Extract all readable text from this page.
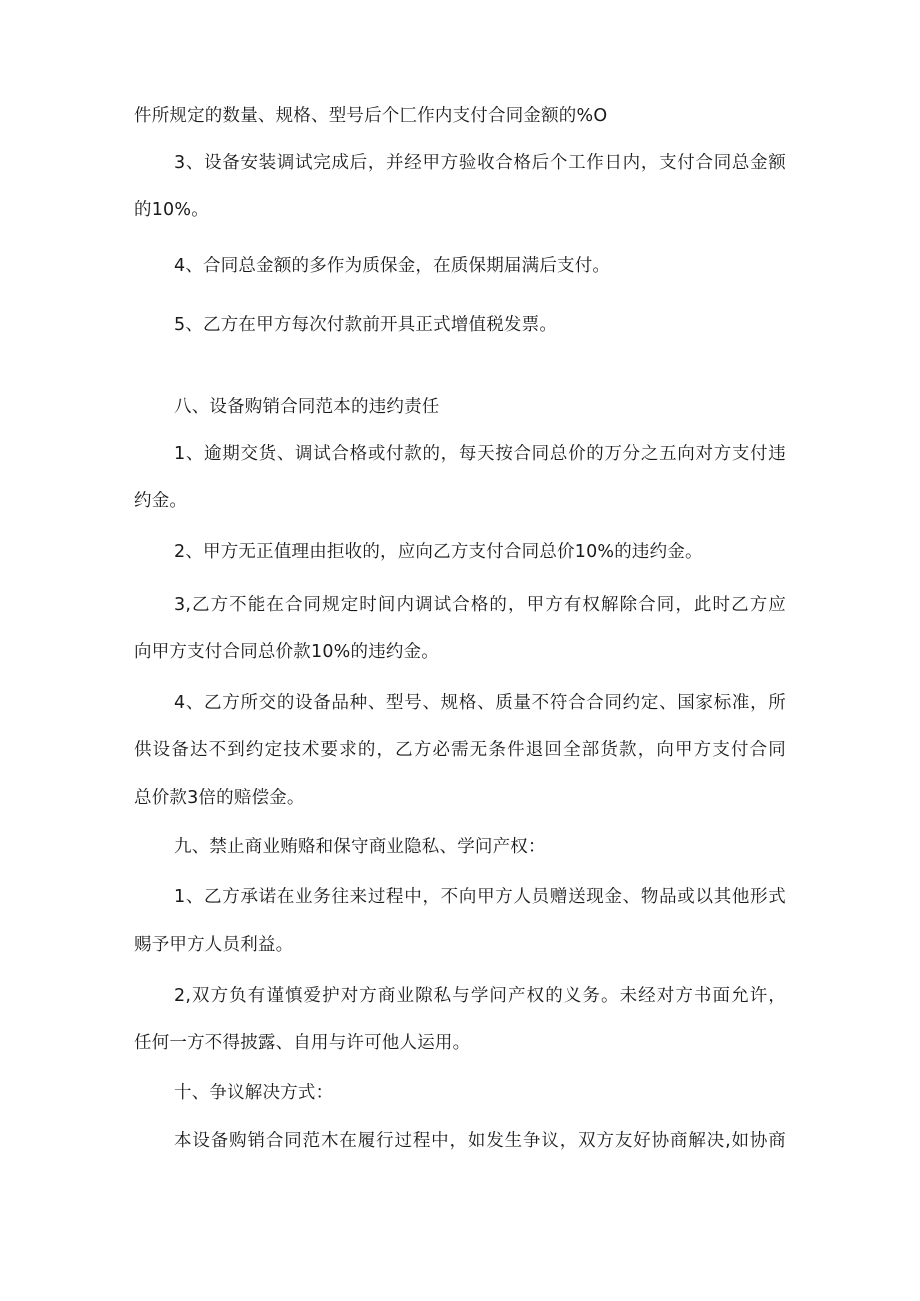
件所规定的数量、规格、型号后个匚作内支付合同金额的%O
3、设备安装调试完成后，并经甲方验收合格后个工作日内，支付合同总金额
的10%。
4、合同总金额的多作为质保金，在质保期届满后支付。
5、乙方在甲方每次付款前开具正式增值税发票。
八、设备购销合同范本的违约责任
1、逾期交货、调试合格或付款的，每天按合同总价的万分之五向对方支付违
约金。
2、甲方无正值理由拒收的，应向乙方支付合同总价10%的违约金。
3,乙方不能在合同规定时间内调试合格的，甲方有权解除合同，此时乙方应
向甲方支付合同总价款10%的违约金。
4、乙方所交的设备品种、型号、规格、质量不符合合同约定、国家标准，所
供设备达不到约定技术要求的，乙方必需无条件退回全部货款，向甲方支付合同
总价款3倍的赔偿金。
九、禁止商业贿赂和保守商业隐私、学问产权：
1、乙方承诺在业务往来过程中，不向甲方人员赠送现金、物品或以其他形式
赐予甲方人员利益。
2,双方负有谨慎爱护对方商业隙私与学问产权的义务。未经对方书面允许，
任何一方不得披露、自用与许可他人运用。
十、争议解决方式：
本设备购销合同范木在履行过程中，如发生争议，双方友好协商解决,如协商
